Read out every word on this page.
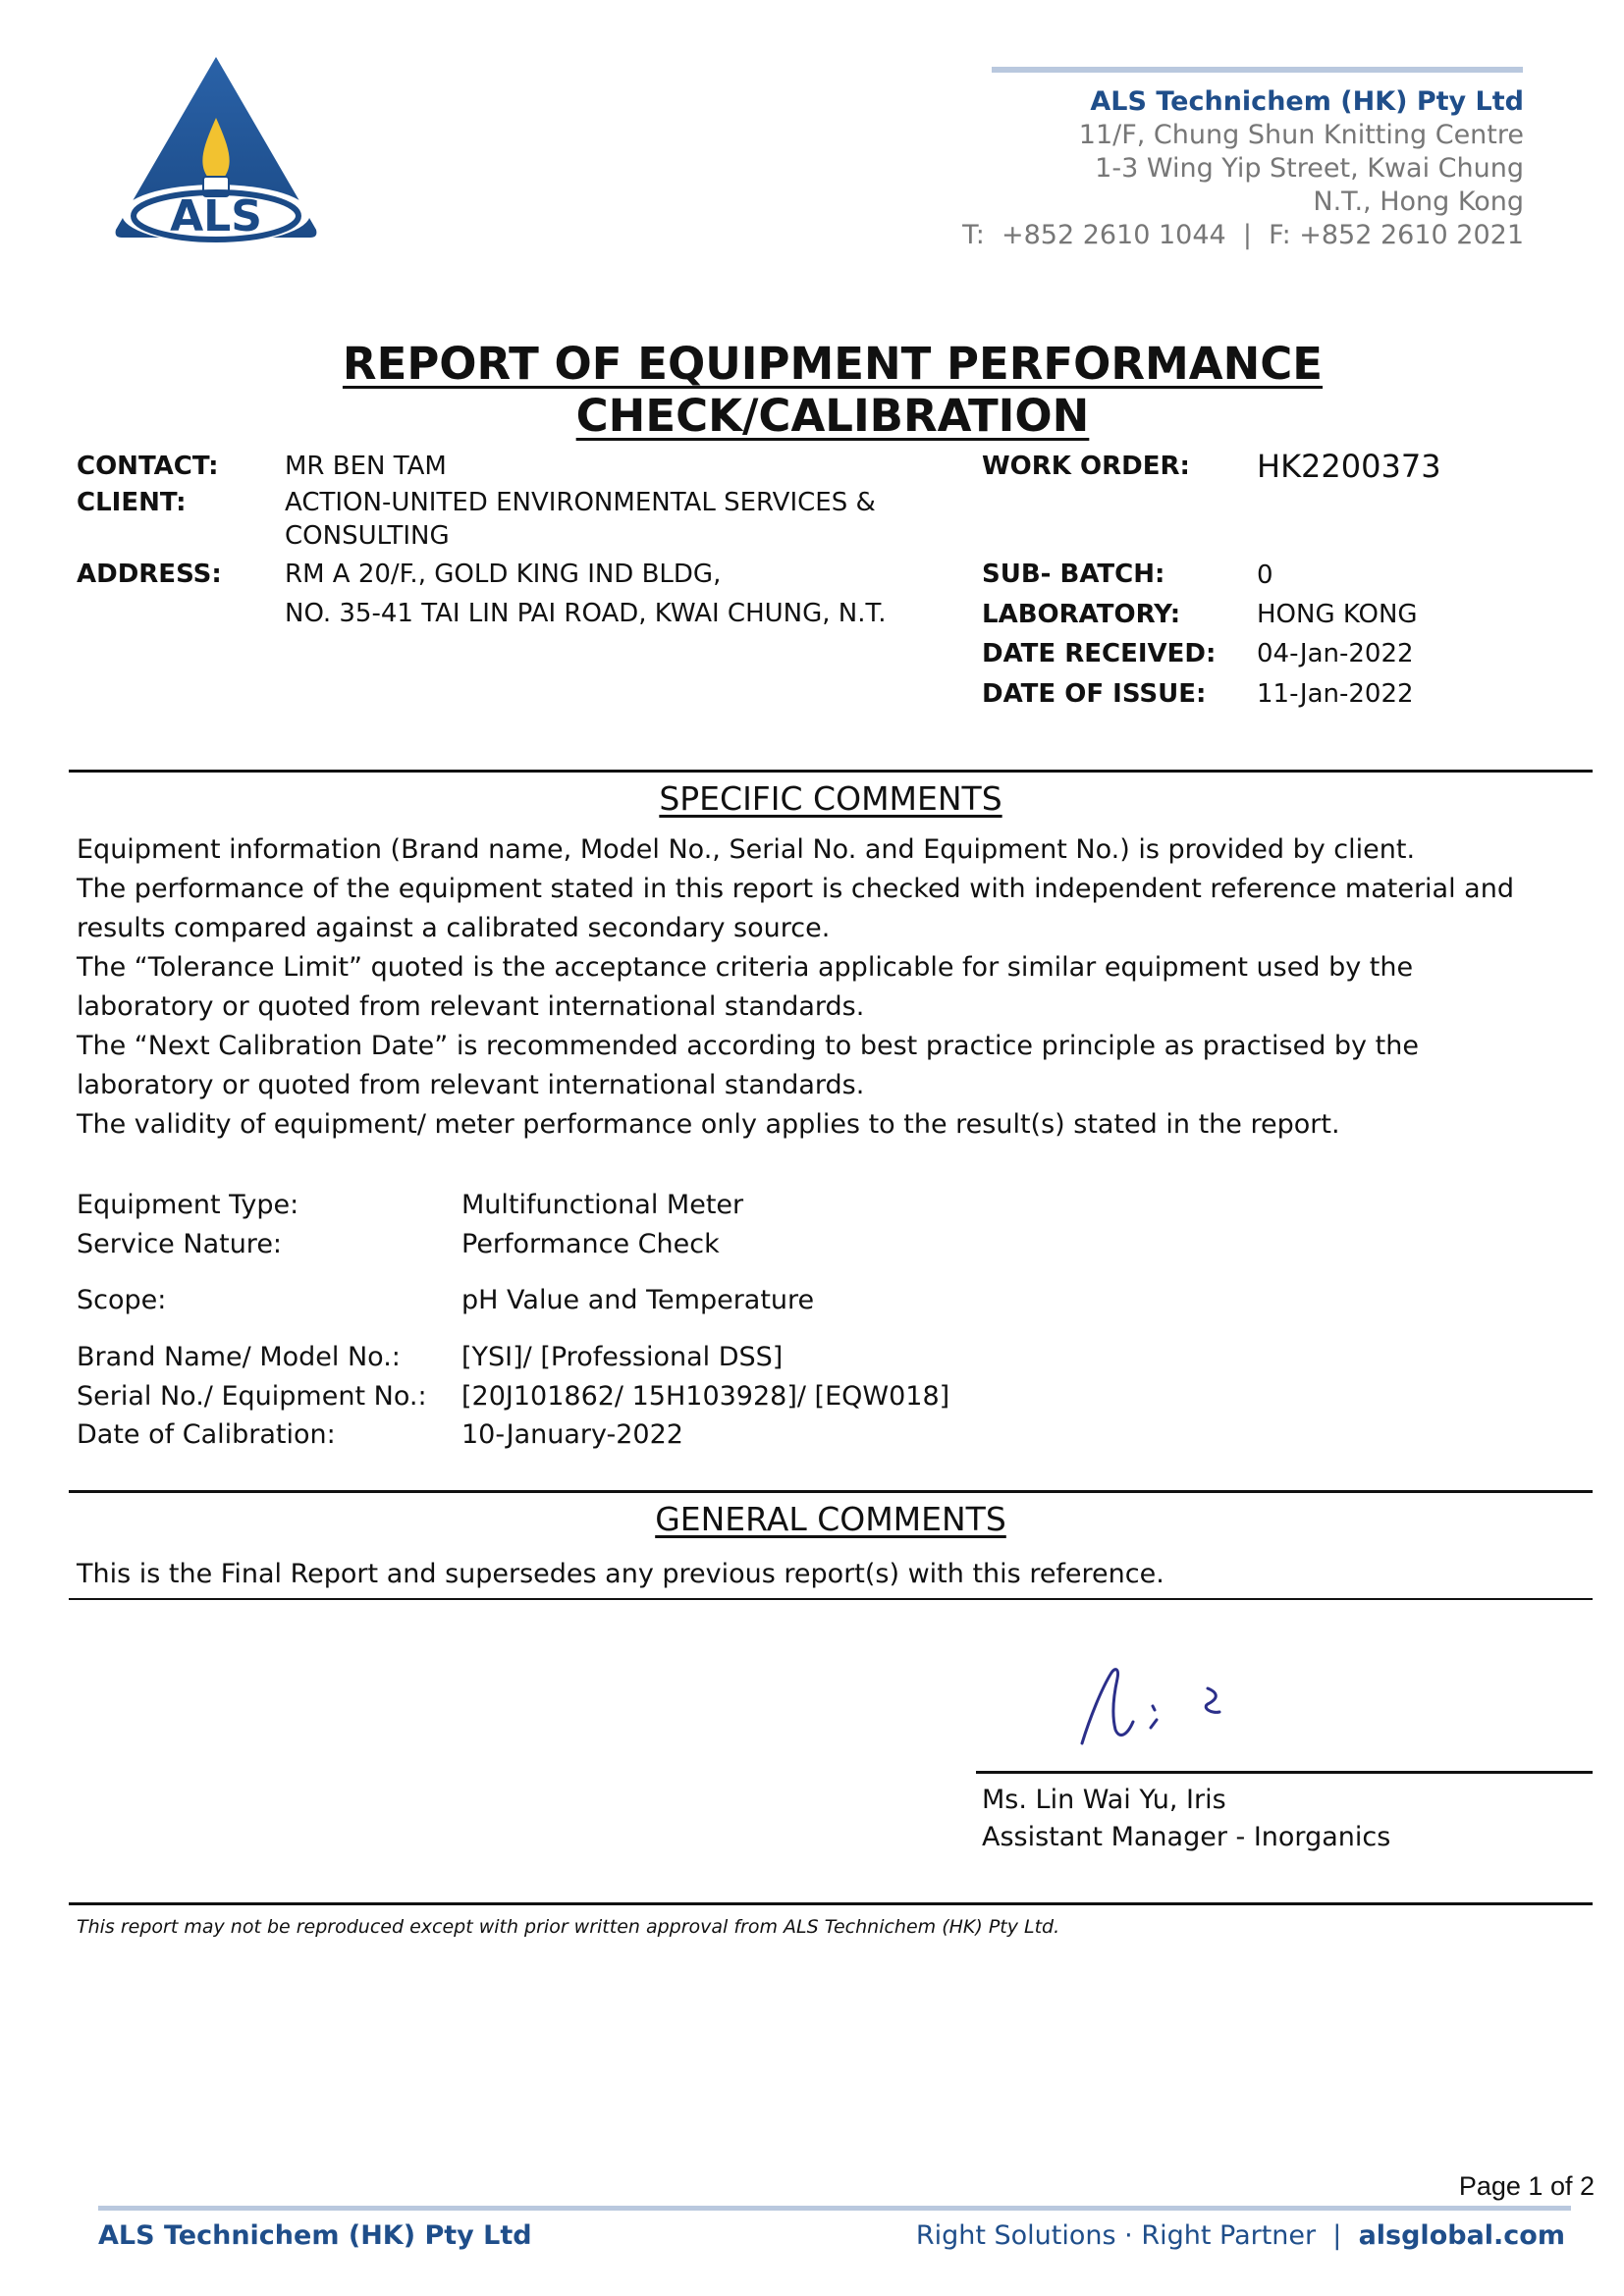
ALS
ALS Technichem (HK) Pty Ltd
11/F, Chung Shun Knitting Centre
1-3 Wing Yip Street, Kwai Chung
N.T., Hong Kong
T:  +852 2610 1044  |  F: +852 2610 2021
REPORT OF EQUIPMENT PERFORMANCE CHECK/CALIBRATION
CONTACT:	MR BEN TAM
CLIENT:	ACTION-UNITED ENVIRONMENTAL SERVICES &
CONSULTING
ADDRESS: RM A 20/F., GOLD KING IND BLDG,
NO. 35-41 TAI LIN PAI ROAD, KWAI CHUNG, N.T.
WORK ORDER: HK2200373
SUB- BATCH:	0
LABORATORY:	HONG KONG
DATE RECEIVED: 04-Jan-2022
DATE OF ISSUE: 11-Jan-2022
SPECIFIC COMMENTS

Equipment information (Brand name, Model No., Serial No. and Equipment No.) is provided by client.

The performance of the equipment stated in this report is checked with independent reference material and

results compared against a calibrated secondary source.

The “Tolerance Limit” quoted is the acceptance criteria applicable for similar equipment used by the

laboratory or quoted from relevant international standards.

The “Next Calibration Date” is recommended according to best practice principle as practised by the

laboratory or quoted from relevant international standards.

The validity of equipment/ meter performance only applies to the result(s) stated in the report.

Equipment Type:	Multifunctional Meter
Service Nature:	Performance Check
Scope:	pH Value and Temperature
Brand Name/ Model No.: [YSI]/ [Professional DSS]
Serial No./ Equipment No.: [20J101862/ 15H103928]/ [EQW018]
Date of Calibration:	10-January-2022
GENERAL COMMENTS
This is the Final Report and supersedes any previous report(s) with this reference.
Ms. Lin Wai Yu, Iris
Assistant Manager - Inorganics
This report may not be reproduced except with prior written approval from ALS Technichem (HK) Pty Ltd.
Page 1 of 2
ALS Technichem (HK) Pty Ltd	Right Solutions · Right Partner  |  alsglobal.com
